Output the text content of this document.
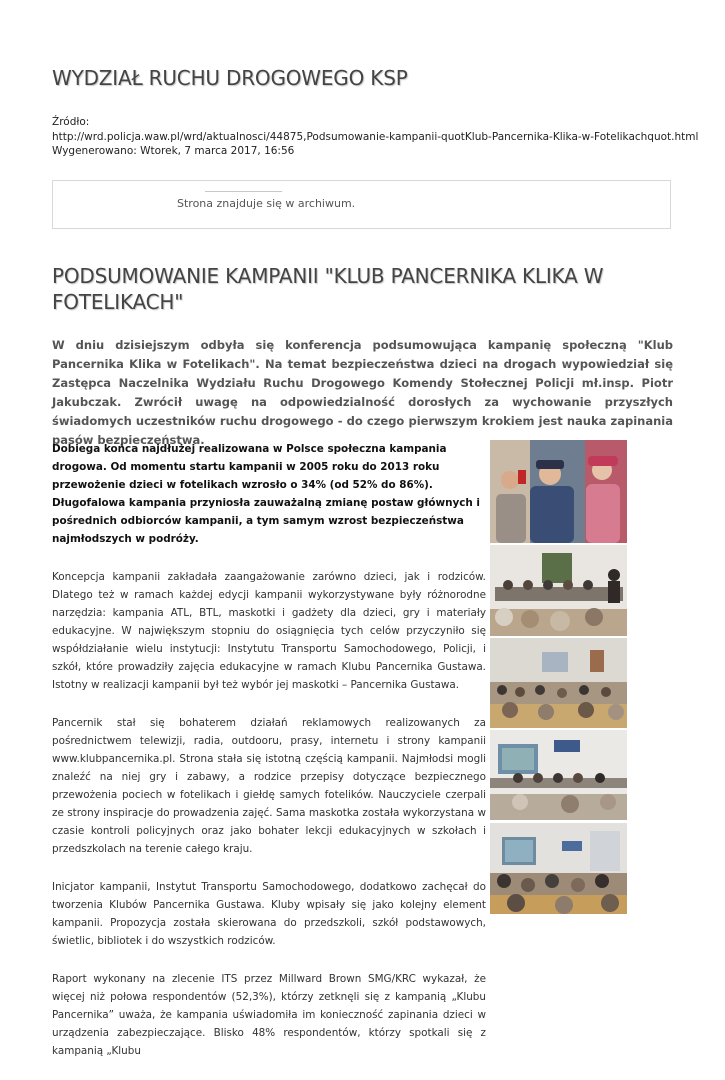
WYDZIAŁ RUCHU DROGOWEGO KSP
Źródło:
http://wrd.policja.waw.pl/wrd/aktualnosci/44875,Podsumowanie-kampanii-quotKlub-Pancernika-Klika-w-Fotelikachquot.html
Wygenerowano: Wtorek, 7 marca 2017, 16:56
Strona znajduje się w archiwum.
PODSUMOWANIE KAMPANII "KLUB PANCERNIKA KLIKA W FOTELIKACH"

W dniu dzisiejszym odbyła się konferencja podsumowująca kampanię społeczną "Klub Pancernika Klika w Fotelikach". Na temat bezpieczeństwa dzieci na drogach wypowiedział się Zastępca Naczelnika Wydziału Ruchu Drogowego Komendy Stołecznej Policji mł.insp. Piotr Jakubczak. Zwrócił uwagę na odpowiedzialność dorosłych za wychowanie przyszłych świadomych uczestników ruchu drogowego - do czego pierwszym krokiem jest nauka zapinania pasów bezpieczeństwa.

Dobiega końca najdłużej realizowana w Polsce społeczna kampania drogowa. Od momentu startu kampanii w 2005 roku do 2013 roku przewożenie dzieci w fotelikach wzrosło o 34% (od 52% do 86%). Długofalowa kampania przyniosła zauważalną zmianę postaw głównych i pośrednich odbiorców kampanii, a tym samym wzrost bezpieczeństwa najmłodszych w podróży.

Koncepcja kampanii zakładała zaangażowanie zarówno dzieci, jak i rodziców. Dlatego też w ramach każdej edycji kampanii wykorzystywane były różnorodne narzędzia: kampania ATL, BTL, maskotki i gadżety dla dzieci, gry i materiały edukacyjne. W największym stopniu do osiągnięcia tych celów przyczyniło się współdziałanie wielu instytucji: Instytutu Transportu Samochodowego, Policji, i szkół, które prowadziły zajęcia edukacyjne w ramach Klubu Pancernika Gustawa. Istotny w realizacji kampanii był też wybór jej maskotki – Pancernika Gustawa.

Pancernik stał się bohaterem działań reklamowych realizowanych za pośrednictwem telewizji, radia, outdooru, prasy, internetu i strony kampanii www.klubpancernika.pl. Strona stała się istotną częścią kampanii. Najmłodsi mogli znaleźć na niej gry i zabawy, a rodzice przepisy dotyczące bezpiecznego przewożenia pociech w fotelikach i giełdę samych fotelików. Nauczyciele czerpali ze strony inspiracje do prowadzenia zajęć. Sama maskotka została wykorzystana w czasie kontroli policyjnych oraz jako bohater lekcji edukacyjnych w szkołach i przedszkolach na terenie całego kraju.

Inicjator kampanii, Instytut Transportu Samochodowego, dodatkowo zachęcał do tworzenia Klubów Pancernika Gustawa. Kluby wpisały się jako kolejny element kampanii. Propozycja została skierowana do przedszkoli, szkół podstawowych, świetlic, bibliotek i do wszystkich rodziców.

Raport wykonany na zlecenie ITS przez Millward Brown SMG/KRC wykazał, że więcej niż połowa respondentów (52,3%), którzy zetknęli się z kampanią „Klubu Pancernika” uważa, że kampania uświadomiła im konieczność zapinania dzieci w urządzenia zabezpieczające. Blisko 48% respondentów, którzy spotkali się z kampanią „Klubu
